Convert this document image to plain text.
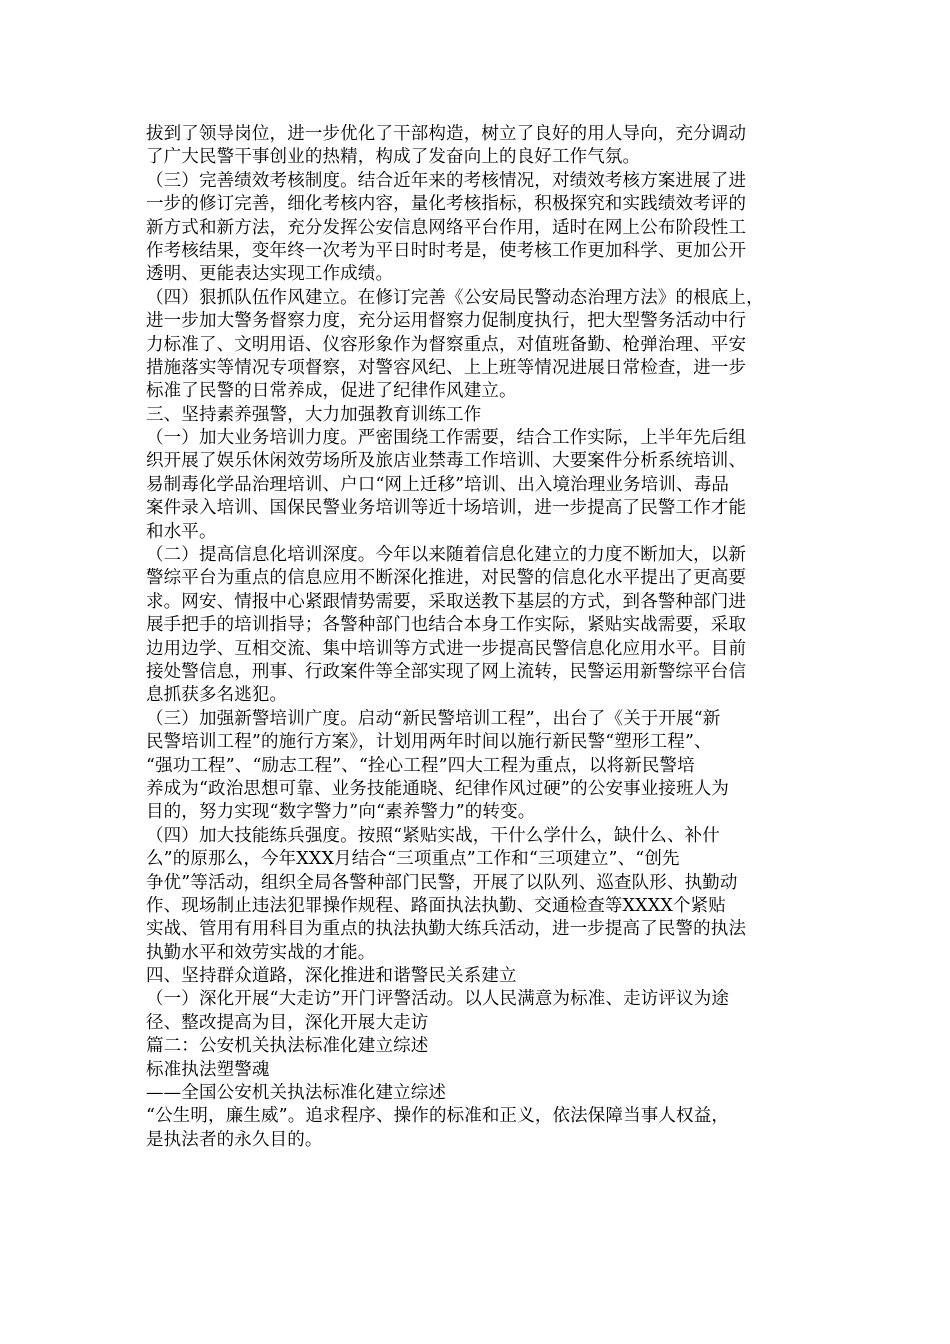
拔到了领导岗位，进一步优化了干部构造，树立了良好的用人导向，充分调动
了广大民警干事创业的热精，构成了发奋向上的良好工作气氛。
（三）完善绩效考核制度。结合近年来的考核情况，对绩效考核方案进展了进
一步的修订完善，细化考核内容，量化考核指标，积极探究和实践绩效考评的
新方式和新方法，充分发挥公安信息网络平台作用，适时在网上公布阶段性工
作考核结果，变年终一次考为平日时时考是，使考核工作更加科学、更加公开
透明、更能表达实现工作成绩。
（四）狠抓队伍作风建立。在修订完善《公安局民警动态治理方法》的根底上，
进一步加大警务督察力度，充分运用督察力促制度执行，把大型警务活动中行
力标准了、文明用语、仪容形象作为督察重点，对值班备勤、枪弹治理、平安
措施落实等情况专项督察，对警容风纪、上上班等情况进展日常检查，进一步
标准了民警的日常养成，促进了纪律作风建立。
三、坚持素养强警，大力加强教育训练工作
（一）加大业务培训力度。严密围绕工作需要，结合工作实际，上半年先后组
织开展了娱乐休闲效劳场所及旅店业禁毒工作培训、大要案件分析系统培训、
易制毒化学品治理培训、户口“网上迁移”培训、出入境治理业务培训、毒品
案件录入培训、国保民警业务培训等近十场培训，进一步提高了民警工作才能
和水平。
（二）提高信息化培训深度。今年以来随着信息化建立的力度不断加大，以新
警综平台为重点的信息应用不断深化推进，对民警的信息化水平提出了更高要
求。网安、情报中心紧跟情势需要，采取送教下基层的方式，到各警种部门进
展手把手的培训指导；各警种部门也结合本身工作实际，紧贴实战需要，采取
边用边学、互相交流、集中培训等方式进一步提高民警信息化应用水平。目前
接处警信息，刑事、行政案件等全部实现了网上流转，民警运用新警综平台信
息抓获多名逃犯。
（三）加强新警培训广度。启动“新民警培训工程”，出台了《关于开展“新
民警培训工程”的施行方案》，计划用两年时间以施行新民警“塑形工程”、
“强功工程”、“励志工程”、“拴心工程”四大工程为重点，以将新民警培
养成为“政治思想可靠、业务技能通晓、纪律作风过硬”的公安事业接班人为
目的，努力实现“数字警力”向“素养警力”的转变。
（四）加大技能练兵强度。按照“紧贴实战，干什么学什么，缺什么、补什
么”的原那么，今年XXX月结合“三项重点”工作和“三项建立”、“创先
争优”等活动，组织全局各警种部门民警，开展了以队列、巡查队形、执勤动
作、现场制止违法犯罪操作规程、路面执法执勤、交通检查等XXXX个紧贴
实战、管用有用科目为重点的执法执勤大练兵活动，进一步提高了民警的执法
执勤水平和效劳实战的才能。
四、坚持群众道路，深化推进和谐警民关系建立
（一）深化开展“大走访”开门评警活动。以人民满意为标准、走访评议为途
径、整改提高为目，深化开展大走访
篇二：公安机关执法标准化建立综述
标准执法塑警魂
——全国公安机关执法标准化建立综述
“公生明，廉生威”。追求程序、操作的标准和正义，依法保障当事人权益，
是执法者的永久目的。
